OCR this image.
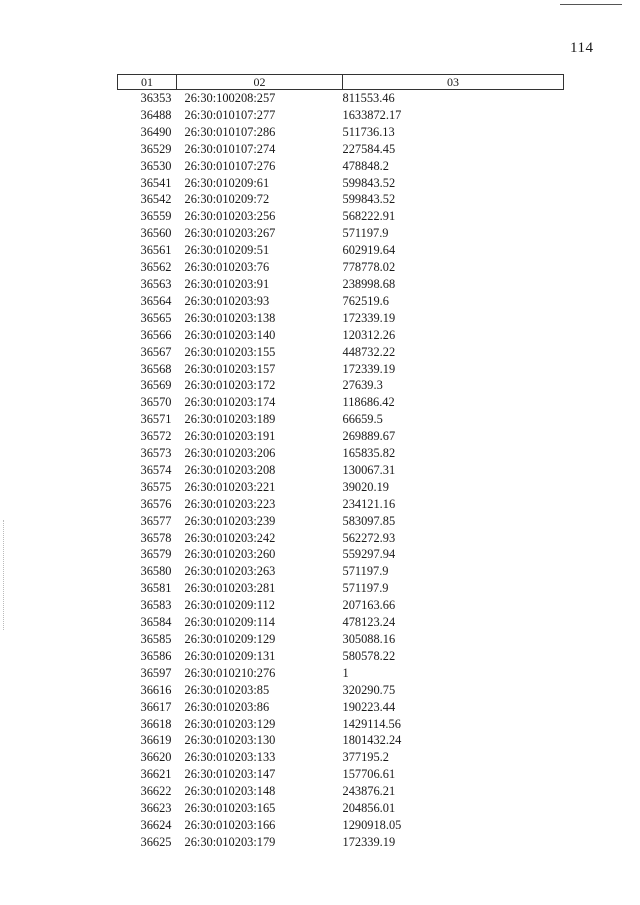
114
01	02	03
36353	26:30:100208:257	811553.46
36488	26:30:010107:277	1633872.17
36490	26:30:010107:286	511736.13
36529	26:30:010107:274	227584.45
36530	26:30:010107:276	478848.2
36541	26:30:010209:61	599843.52
36542	26:30:010209:72	599843.52
36559	26:30:010203:256	568222.91
36560	26:30:010203:267	571197.9
36561	26:30:010209:51	602919.64
36562	26:30:010203:76	778778.02
36563	26:30:010203:91	238998.68
36564	26:30:010203:93	762519.6
36565	26:30:010203:138	172339.19
36566	26:30:010203:140	120312.26
36567	26:30:010203:155	448732.22
36568	26:30:010203:157	172339.19
36569	26:30:010203:172	27639.3
36570	26:30:010203:174	118686.42
36571	26:30:010203:189	66659.5
36572	26:30:010203:191	269889.67
36573	26:30:010203:206	165835.82
36574	26:30:010203:208	130067.31
36575	26:30:010203:221	39020.19
36576	26:30:010203:223	234121.16
36577	26:30:010203:239	583097.85
36578	26:30:010203:242	562272.93
36579	26:30:010203:260	559297.94
36580	26:30:010203:263	571197.9
36581	26:30:010203:281	571197.9
36583	26:30:010209:112	207163.66
36584	26:30:010209:114	478123.24
36585	26:30:010209:129	305088.16
36586	26:30:010209:131	580578.22
36597	26:30:010210:276	1
36616	26:30:010203:85	320290.75
36617	26:30:010203:86	190223.44
36618	26:30:010203:129	1429114.56
36619	26:30:010203:130	1801432.24
36620	26:30:010203:133	377195.2
36621	26:30:010203:147	157706.61
36622	26:30:010203:148	243876.21
36623	26:30:010203:165	204856.01
36624	26:30:010203:166	1290918.05
36625	26:30:010203:179	172339.19
